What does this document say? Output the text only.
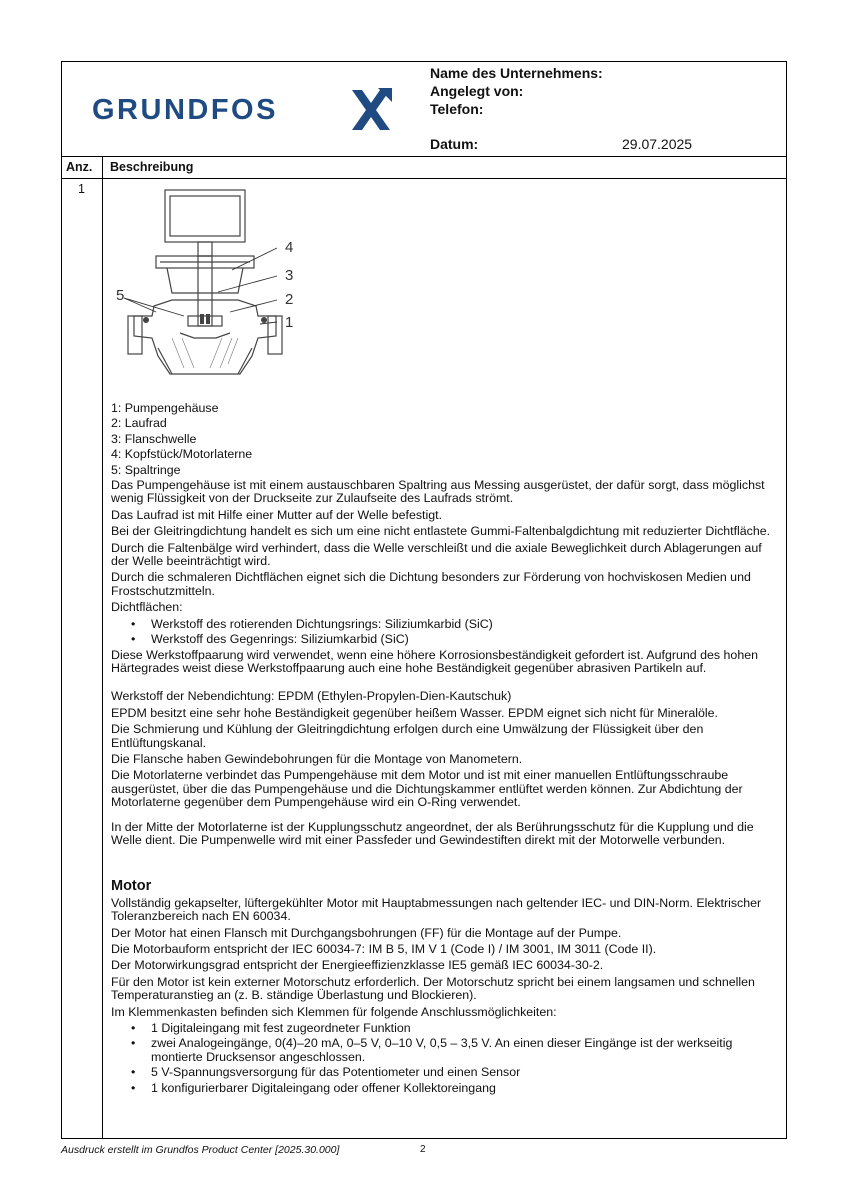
GRUNDFOS
Name des Unternehmens:
Angelegt von:
Telefon:
Datum:	29.07.2025
Anz. Beschreibung
1
5
4
3
2
1

1: Pumpengehäuse

2: Laufrad

3: Flanschwelle

4: Kopfstück/Motorlaterne

5: Spaltringe

Das Pumpengehäuse ist mit einem austauschbaren Spaltring aus Messing ausgerüstet, der dafür sorgt, dass möglichst wenig Flüssigkeit von der Druckseite zur Zulaufseite des Laufrads strömt.

Das Laufrad ist mit Hilfe einer Mutter auf der Welle befestigt.

Bei der Gleitringdichtung handelt es sich um eine nicht entlastete Gummi-Faltenbalgdichtung mit reduzierter Dichtfläche.

Durch die Faltenbälge wird verhindert, dass die Welle verschleißt und die axiale Beweglichkeit durch Ablagerungen auf der Welle beeinträchtigt wird.

Durch die schmaleren Dichtflächen eignet sich die Dichtung besonders zur Förderung von hochviskosen Medien und Frostschutzmitteln.

Dichtflächen:

• Werkstoff des rotierenden Dichtungsrings: Siliziumkarbid (SiC)
• Werkstoff des Gegenrings: Siliziumkarbid (SiC)

Diese Werkstoffpaarung wird verwendet, wenn eine höhere Korrosionsbeständigkeit gefordert ist. Aufgrund des hohen Härtegrades weist diese Werkstoffpaarung auch eine hohe Beständigkeit gegenüber abrasiven Partikeln auf.

Werkstoff der Nebendichtung: EPDM (Ethylen-Propylen-Dien-Kautschuk)

EPDM besitzt eine sehr hohe Beständigkeit gegenüber heißem Wasser. EPDM eignet sich nicht für Mineralöle.

Die Schmierung und Kühlung der Gleitringdichtung erfolgen durch eine Umwälzung der Flüssigkeit über den Entlüftungskanal.

Die Flansche haben Gewindebohrungen für die Montage von Manometern.

Die Motorlaterne verbindet das Pumpengehäuse mit dem Motor und ist mit einer manuellen Entlüftungsschraube ausgerüstet, über die das Pumpengehäuse und die Dichtungskammer entlüftet werden können. Zur Abdichtung der Motorlaterne gegenüber dem Pumpengehäuse wird ein O-Ring verwendet.

In der Mitte der Motorlaterne ist der Kupplungsschutz angeordnet, der als Berührungsschutz für die Kupplung und die Welle dient. Die Pumpenwelle wird mit einer Passfeder und Gewindestiften direkt mit der Motorwelle verbunden.

Motor

Vollständig gekapselter, lüftergekühlter Motor mit Hauptabmessungen nach geltender IEC- und DIN-Norm. Elektrischer Toleranzbereich nach EN 60034.

Der Motor hat einen Flansch mit Durchgangsbohrungen (FF) für die Montage auf der Pumpe.

Die Motorbauform entspricht der IEC 60034-7: IM B 5, IM V 1 (Code I) / IM 3001, IM 3011 (Code II).

Der Motorwirkungsgrad entspricht der Energieeffizienzklasse IE5 gemäß IEC 60034-30-2.

Für den Motor ist kein externer Motorschutz erforderlich. Der Motorschutz spricht bei einem langsamen und schnellen Temperaturanstieg an (z. B. ständige Überlastung und Blockieren).

Im Klemmenkasten befinden sich Klemmen für folgende Anschlussmöglichkeiten:

• 1 Digitaleingang mit fest zugeordneter Funktion
• zwei Analogeingänge, 0(4)–20 mA, 0–5 V, 0–10 V, 0,5 – 3,5 V. An einen dieser Eingänge ist der werkseitig montierte Drucksensor angeschlossen.
• 5 V-Spannungsversorgung für das Potentiometer und einen Sensor
• 1 konfigurierbarer Digitaleingang oder offener Kollektoreingang
Ausdruck erstellt im Grundfos Product Center [2025.30.000]	2
